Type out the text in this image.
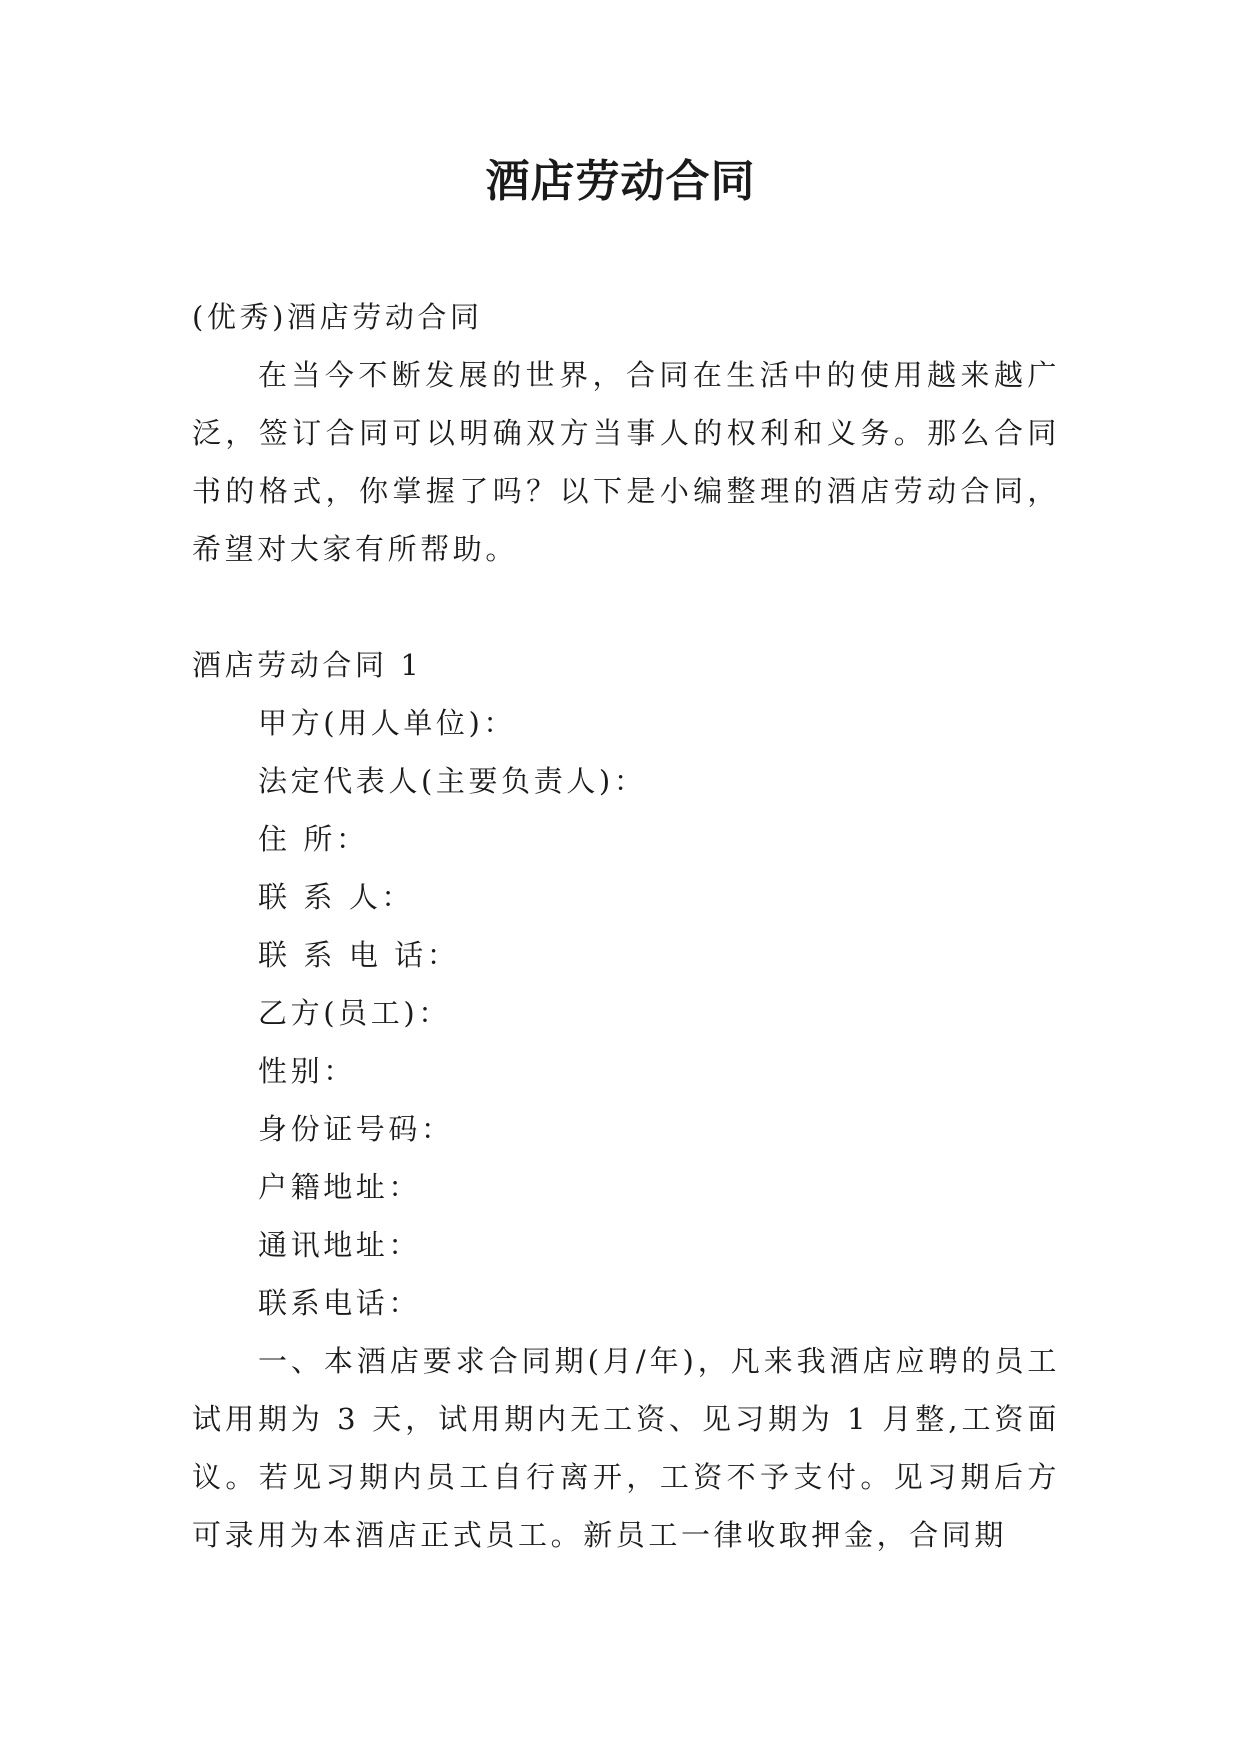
酒店劳动合同

(优秀)酒店劳动合同

在当今不断发展的世界，合同在生活中的使用越来越广泛，签订合同可以明确双方当事人的权利和义务。那么合同书的格式，你掌握了吗？以下是小编整理的酒店劳动合同，希望对大家有所帮助。

酒店劳动合同 1

甲方(用人单位)：

法定代表人(主要负责人)：

住 所：

联 系 人：

联 系 电 话：

乙方(员工)：

性别：

身份证号码：

户籍地址：

通讯地址：

联系电话：

一、本酒店要求合同期(月/年)，凡来我酒店应聘的员工试用期为 3 天，试用期内无工资、见习期为 1 月整,工资面议。若见习期内员工自行离开，工资不予支付。见习期后方可录用为本酒店正式员工。新员工一律收取押金，合同期
